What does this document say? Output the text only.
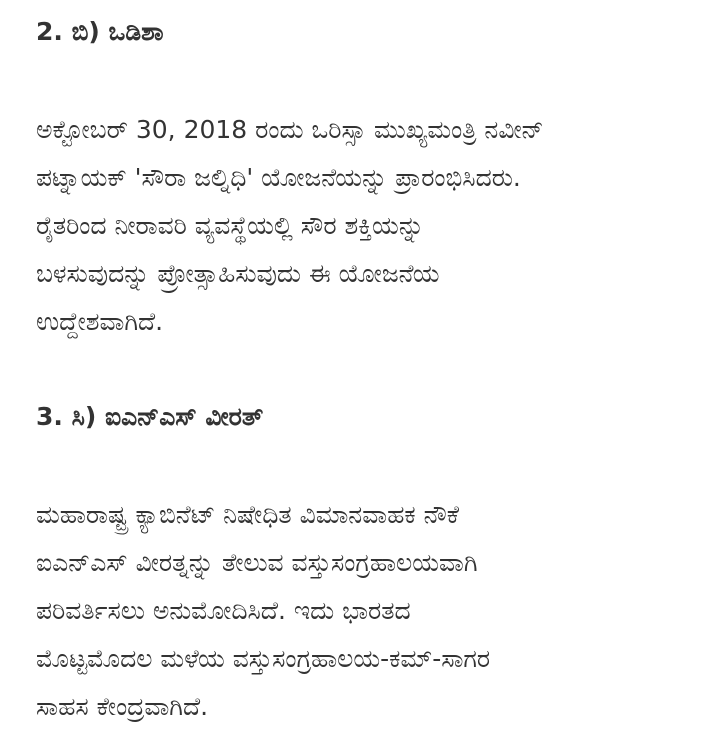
2. ಬಿ) ಒಡಿಶಾ

ಅಕ್ಟೋಬರ್ 30, 2018 ರಂದು ಒರಿಸ್ಸಾ ಮುಖ್ಯಮಂತ್ರಿ ನವೀನ್
ಪಟ್ನಾಯಕ್ 'ಸೌರಾ ಜಲ್ನಿಧಿ' ಯೋಜನೆಯನ್ನು ಪ್ರಾರಂಭಿಸಿದರು.
ರೈತರಿಂದ ನೀರಾವರಿ ವ್ಯವಸ್ಥೆಯಲ್ಲಿ ಸೌರ ಶಕ್ತಿಯನ್ನು
ಬಳಸುವುದನ್ನು ಪ್ರೋತ್ಸಾಹಿಸುವುದು ಈ ಯೋಜನೆಯ
ಉದ್ದೇಶವಾಗಿದೆ.

3. ಸಿ) ಐಎನ್ಎಸ್ ವೀರತ್

ಮಹಾರಾಷ್ಟ್ರ ಕ್ಯಾಬಿನೆಟ್ ನಿಷೇಧಿತ ವಿಮಾನವಾಹಕ ನೌಕೆ
ಐಎನ್ಎಸ್ ವೀರತ್ನನ್ನು ತೇಲುವ ವಸ್ತುಸಂಗ್ರಹಾಲಯವಾಗಿ
ಪರಿವರ್ತಿಸಲು ಅನುಮೋದಿಸಿದೆ. ಇದು ಭಾರತದ
ಮೊಟ್ಟಮೊದಲ ಮಳೆಯ ವಸ್ತುಸಂಗ್ರಹಾಲಯ-ಕಮ್-ಸಾಗರ
ಸಾಹಸ ಕೇಂದ್ರವಾಗಿದೆ.
